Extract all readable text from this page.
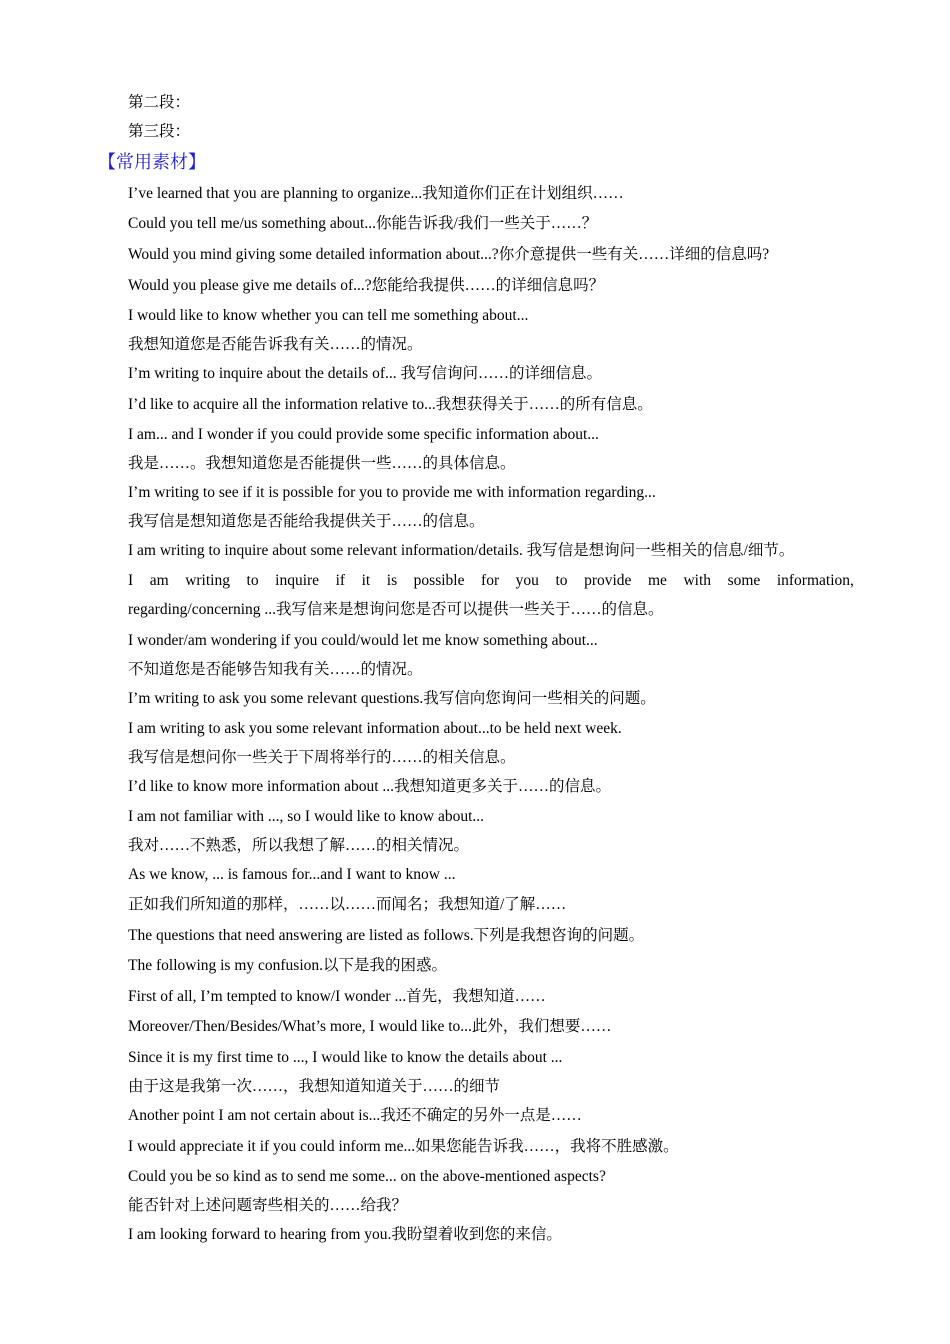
第二段：
第三段：
【常用素材】
I’ve learned that you are planning to organize...我知道你们正在计划组织……
Could you tell me/us something about...你能告诉我/我们一些关于……？
Would you mind giving some detailed information about...?你介意提供一些有关……详细的信息吗?
Would you please give me details of...?您能给我提供……的详细信息吗？
I would like to know whether you can tell me something about...
我想知道您是否能告诉我有关……的情况。
I’m writing to inquire about the details of... 我写信询问……的详细信息。
I’d like to acquire all the information relative to...我想获得关于……的所有信息。
I am... and I wonder if you could provide some specific information about...
我是……。我想知道您是否能提供一些……的具体信息。
I’m writing to see if it is possible for you to provide me with information regarding...
我写信是想知道您是否能给我提供关于……的信息。
I am writing to inquire about some relevant information/details. 我写信是想询问一些相关的信息/细节。
I am writing to inquire if it is possible for you to provide me with some information,
regarding/concerning ...我写信来是想询问您是否可以提供一些关于……的信息。
I wonder/am wondering if you could/would let me know something about...
不知道您是否能够告知我有关……的情况。
I’m writing to ask you some relevant questions.我写信向您询问一些相关的问题。
I am writing to ask you some relevant information about...to be held next week.
我写信是想问你一些关于下周将举行的……的相关信息。
I’d like to know more information about ...我想知道更多关于……的信息。
I am not familiar with ..., so I would like to know about...
我对……不熟悉，所以我想了解……的相关情况。
As we know, ... is famous for...and I want to know ...
正如我们所知道的那样，……以……而闻名；我想知道/了解……
The questions that need answering are listed as follows.下列是我想咨询的问题。
The following is my confusion.以下是我的困惑。
First of all, I’m tempted to know/I wonder ...首先，我想知道……
Moreover/Then/Besides/What’s more, I would like to...此外，我们想要……
Since it is my first time to ..., I would like to know the details about ...
由于这是我第一次……，我想知道知道关于……的细节
Another point I am not certain about is...我还不确定的另外一点是……
I would appreciate it if you could inform me...如果您能告诉我……，我将不胜感激。
Could you be so kind as to send me some... on the above-mentioned aspects?
能否针对上述问题寄些相关的……给我？
I am looking forward to hearing from you.我盼望着收到您的来信。
